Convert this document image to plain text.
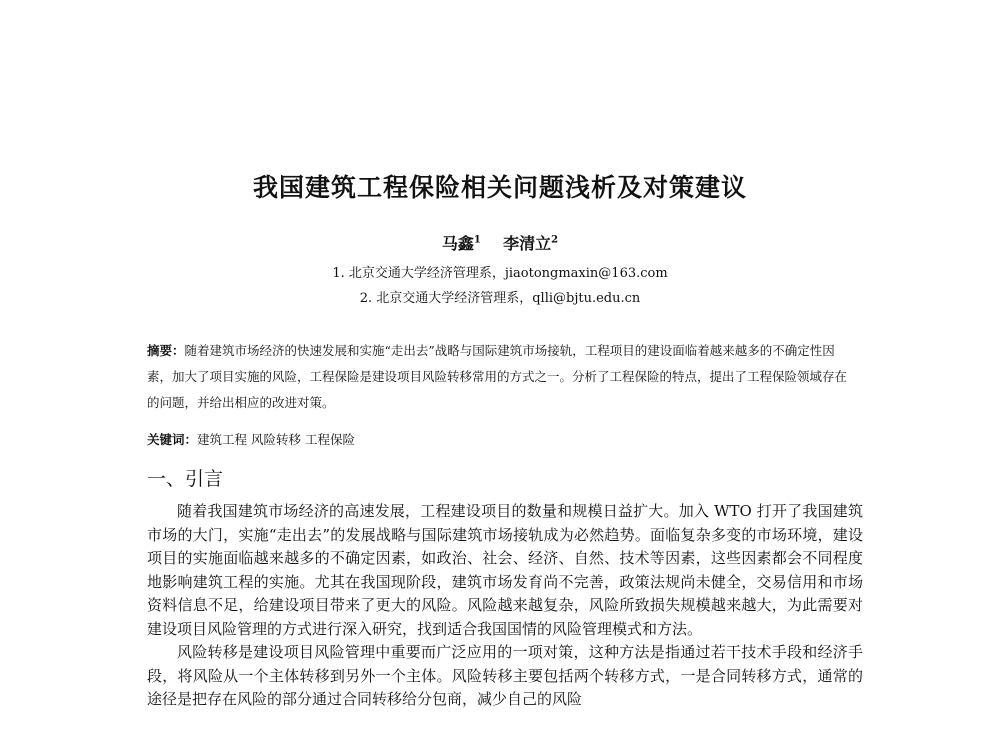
我国建筑工程保险相关问题浅析及对策建议
马鑫$^1$ 李清立$^2$
1. 北京交通大学经济管理系，jiaotongmaxin@163.com
2. 北京交通大学经济管理系，qlli@bjtu.edu.cn
摘要：随着建筑市场经济的快速发展和实施“走出去”战略与国际建筑市场接轨，工程项目的建设面临着越来越多的不确定性因素，加大了项目实施的风险，工程保险是建设项目风险转移常用的方式之一。分析了工程保险的特点，提出了工程保险领域存在的问题，并给出相应的改进对策。
关键词：建筑工程 风险转移 工程保险
一、引言

随着我国建筑市场经济的高速发展，工程建设项目的数量和规模日益扩大。加入 WTO 打开了我国建筑市场的大门，实施“走出去”的发展战略与国际建筑市场接轨成为必然趋势。面临复杂多变的市场环境，建设项目的实施面临越来越多的不确定因素，如政治、社会、经济、自然、技术等因素，这些因素都会不同程度地影响建筑工程的实施。尤其在我国现阶段，建筑市场发育尚不完善，政策法规尚未健全，交易信用和市场资料信息不足，给建设项目带来了更大的风险。风险越来越复杂，风险所致损失规模越来越大，为此需要对建设项目风险管理的方式进行深入研究，找到适合我国国情的风险管理模式和方法。

风险转移是建设项目风险管理中重要而广泛应用的一项对策，这种方法是指通过若干技术手段和经济手段，将风险从一个主体转移到另外一个主体。风险转移主要包括两个转移方式，一是合同转移方式，通常的途径是把存在风险的部分通过合同转移给分包商，减少自己的风险
